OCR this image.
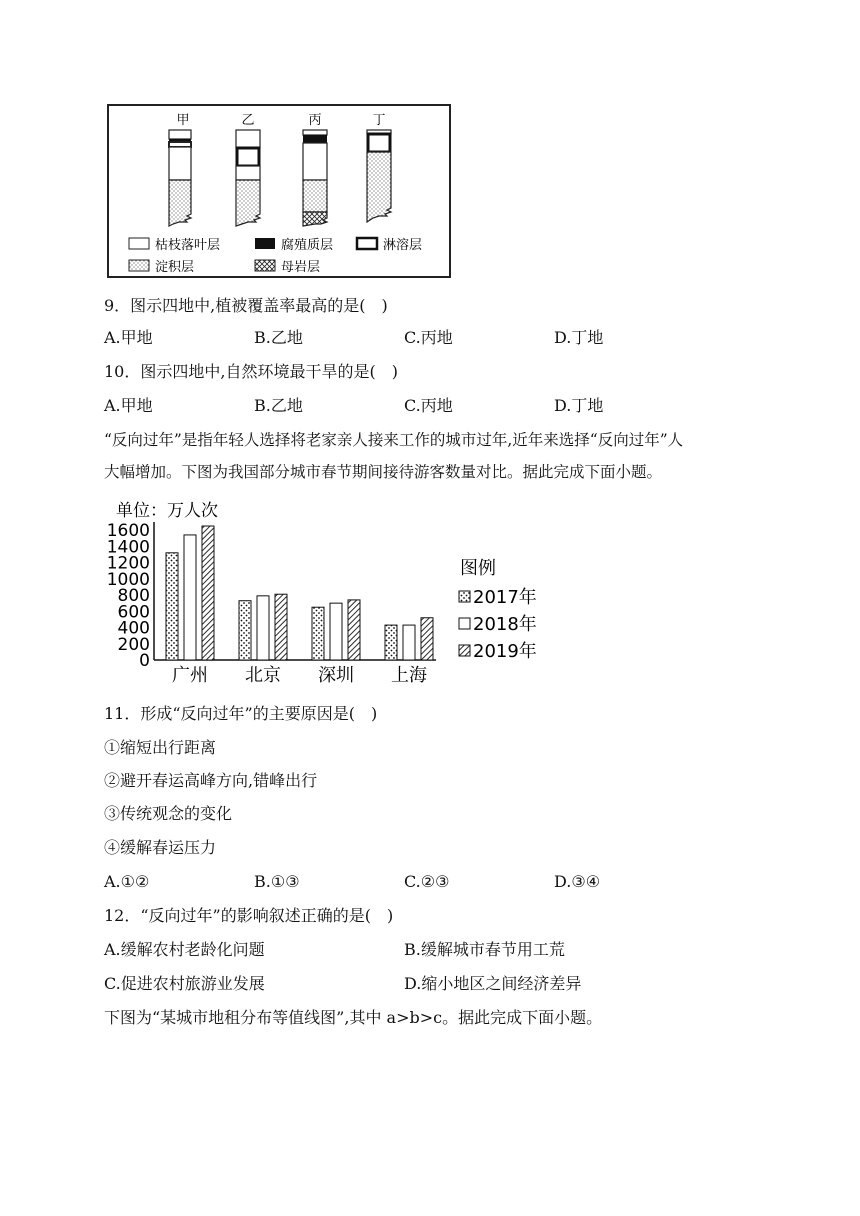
甲	乙	丙	丁
枯枝落叶层	腐殖质层	淋溶层
淀积层	母岩层
9．图示四地中,植被覆盖率最高的是(　)
A.甲地	B.乙地	C.丙地	D.丁地
10．图示四地中,自然环境最干旱的是(　)
A.甲地	B.乙地	C.丙地	D.丁地
“反向过年”是指年轻人选择将老家亲人接来工作的城市过年,近年来选择“反向过年”人
大幅增加。下图为我国部分城市春节期间接待游客数量对比。据此完成下面小题。
单位：万人次
0
200
400
600
800
1000
1200
1400
1600
广州 北京 深圳 上海
图例
2017年
2018年
2019年
11．形成“反向过年”的主要原因是(　)
①缩短出行距离
②避开春运高峰方向,错峰出行
③传统观念的变化
④缓解春运压力
A.①②	B.①③	C.②③	D.③④
12．“反向过年”的影响叙述正确的是(　)
A.缓解农村老龄化问题	B.缓解城市春节用工荒
C.促进农村旅游业发展	D.缩小地区之间经济差异
下图为“某城市地租分布等值线图”,其中 a>b>c。据此完成下面小题。
